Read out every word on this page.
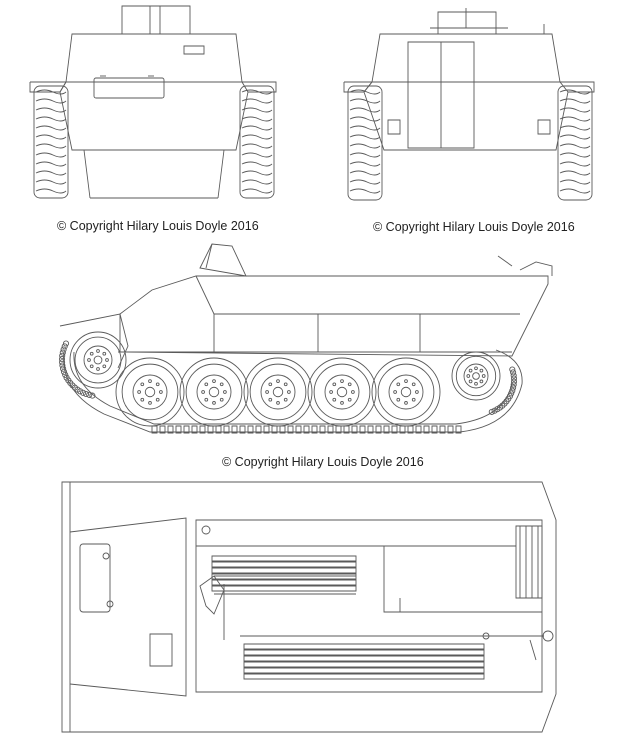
© Copyright Hilary Louis Doyle 2016	© Copyright Hilary Louis Doyle 2016
© Copyright Hilary Louis Doyle 2016
